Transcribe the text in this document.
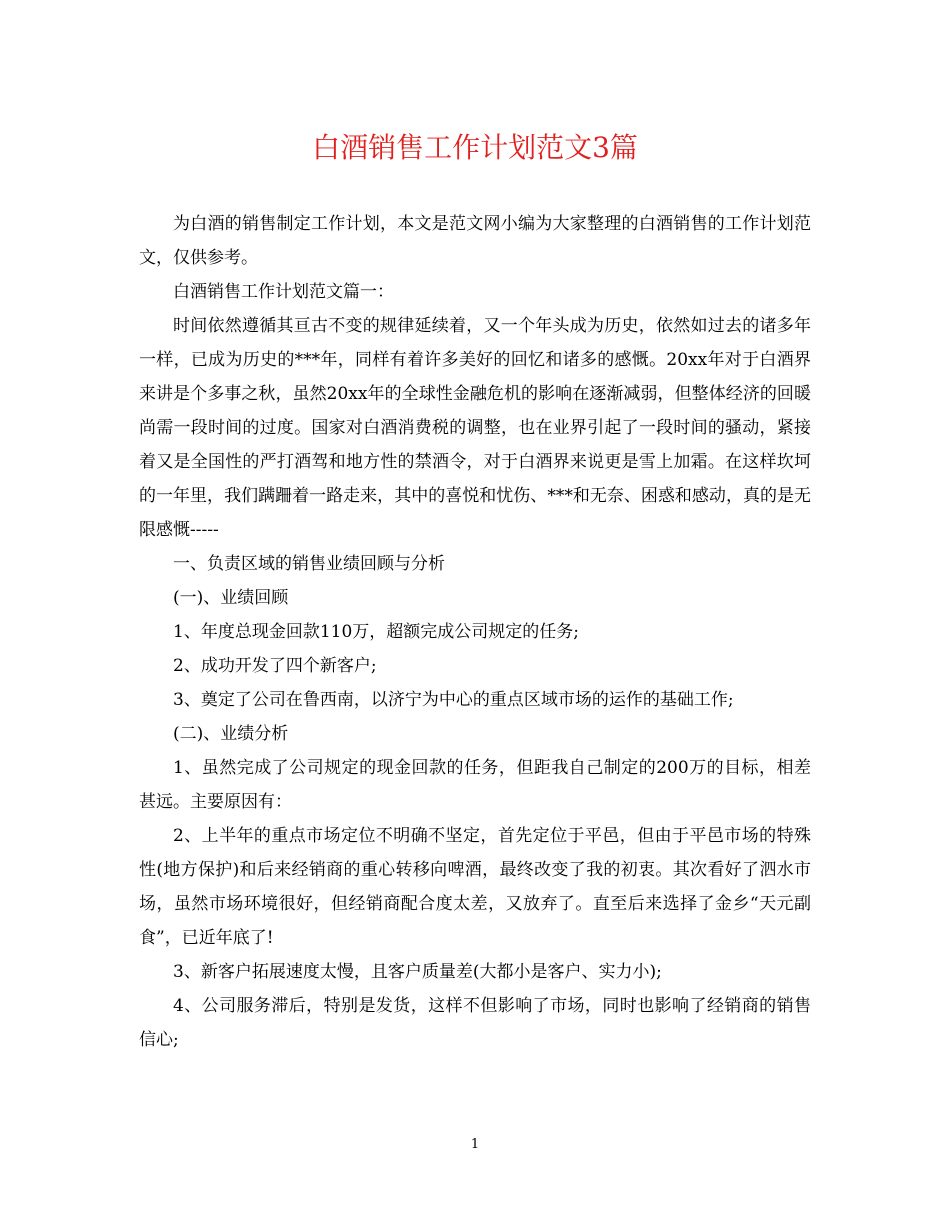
白酒销售工作计划范文3篇

为白酒的销售制定工作计划，本文是范文网小编为大家整理的白酒销售的工作计划范文，仅供参考。

白酒销售工作计划范文篇一：

时间依然遵循其亘古不变的规律延续着，又一个年头成为历史，依然如过去的诸多年一样，已成为历史的***年，同样有着许多美好的回忆和诸多的感慨。20xx年对于白酒界来讲是个多事之秋，虽然20xx年的全球性金融危机的影响在逐渐减弱，但整体经济的回暖尚需一段时间的过度。国家对白酒消费税的调整，也在业界引起了一段时间的骚动，紧接着又是全国性的严打酒驾和地方性的禁酒令，对于白酒界来说更是雪上加霜。在这样坎坷的一年里，我们蹒跚着一路走来，其中的喜悦和忧伤、***和无奈、困惑和感动，真的是无限感慨-----

一、负责区域的销售业绩回顾与分析

(一)、业绩回顾

1、年度总现金回款110万，超额完成公司规定的任务;

2、成功开发了四个新客户;

3、奠定了公司在鲁西南，以济宁为中心的重点区域市场的运作的基础工作;

(二)、业绩分析

1、虽然完成了公司规定的现金回款的任务，但距我自己制定的200万的目标，相差甚远。主要原因有：

2、上半年的重点市场定位不明确不坚定，首先定位于平邑，但由于平邑市场的特殊性(地方保护)和后来经销商的重心转移向啤酒，最终改变了我的初衷。其次看好了泗水市场，虽然市场环境很好，但经销商配合度太差，又放弃了。直至后来选择了金乡“天元副食”，已近年底了!

3、新客户拓展速度太慢，且客户质量差(大都小是客户、实力小);

4、公司服务滞后，特别是发货，这样不但影响了市场，同时也影响了经销商的销售信心;

1
